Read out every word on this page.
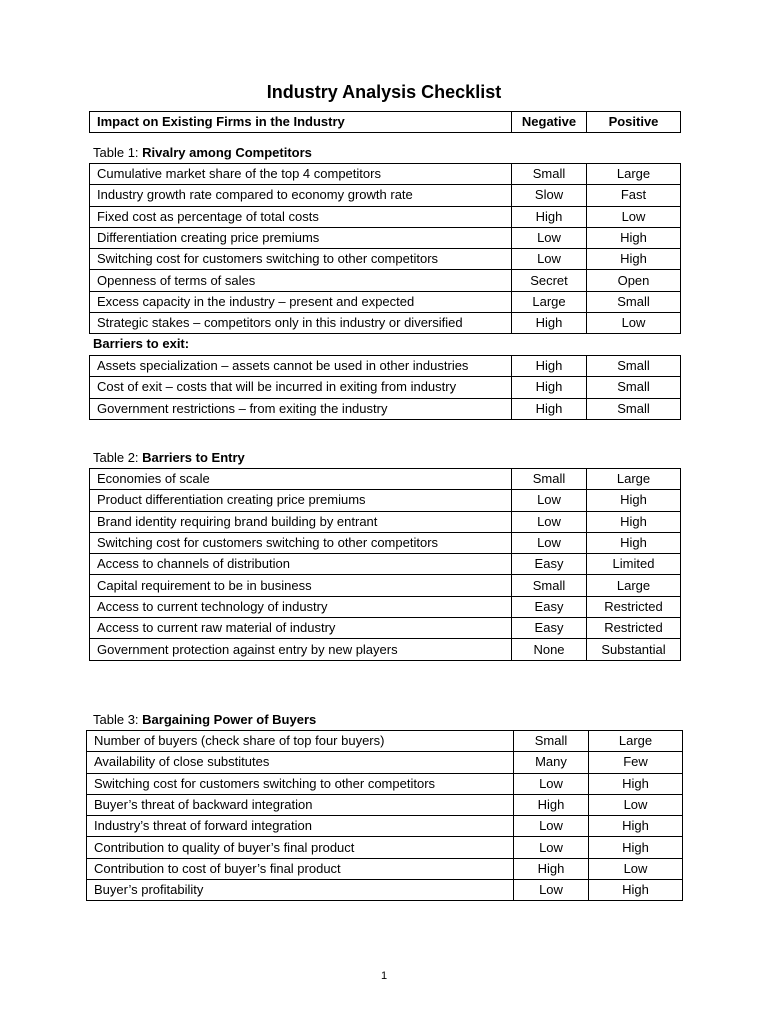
Industry Analysis Checklist
Impact on Existing Firms in the Industry	Negative	Positive
Table 1: Rivalry among Competitors
Cumulative market share of the top 4 competitors	Small	Large
Industry growth rate compared to economy growth rate	Slow	Fast
Fixed cost as percentage of total costs	High	Low
Differentiation creating price premiums	Low	High
Switching cost for customers switching to other competitors	Low	High
Openness of terms of sales	Secret	Open
Excess capacity in the industry – present and expected	Large	Small
Strategic stakes – competitors only in this industry or diversified	High	Low
Barriers to exit:
Assets specialization – assets cannot be used in other industries	High	Small
Cost of exit – costs that will be incurred in exiting from industry	High	Small
Government restrictions – from exiting the industry	High	Small
Table 2: Barriers to Entry
Economies of scale	Small	Large
Product differentiation creating price premiums	Low	High
Brand identity requiring brand building by entrant	Low	High
Switching cost for customers switching to other competitors	Low	High
Access to channels of distribution	Easy	Limited
Capital requirement to be in business	Small	Large
Access to current technology of industry	Easy	Restricted
Access to current raw material of industry	Easy	Restricted
Government protection against entry by new players	None	Substantial
Table 3: Bargaining Power of Buyers
Number of buyers (check share of top four buyers)	Small	Large
Availability of close substitutes	Many	Few
Switching cost for customers switching to other competitors	Low	High
Buyer’s threat of backward integration	High	Low
Industry’s threat of forward integration	Low	High
Contribution to quality of buyer’s final product	Low	High
Contribution to cost of buyer’s final product	High	Low
Buyer’s profitability	Low	High
1
